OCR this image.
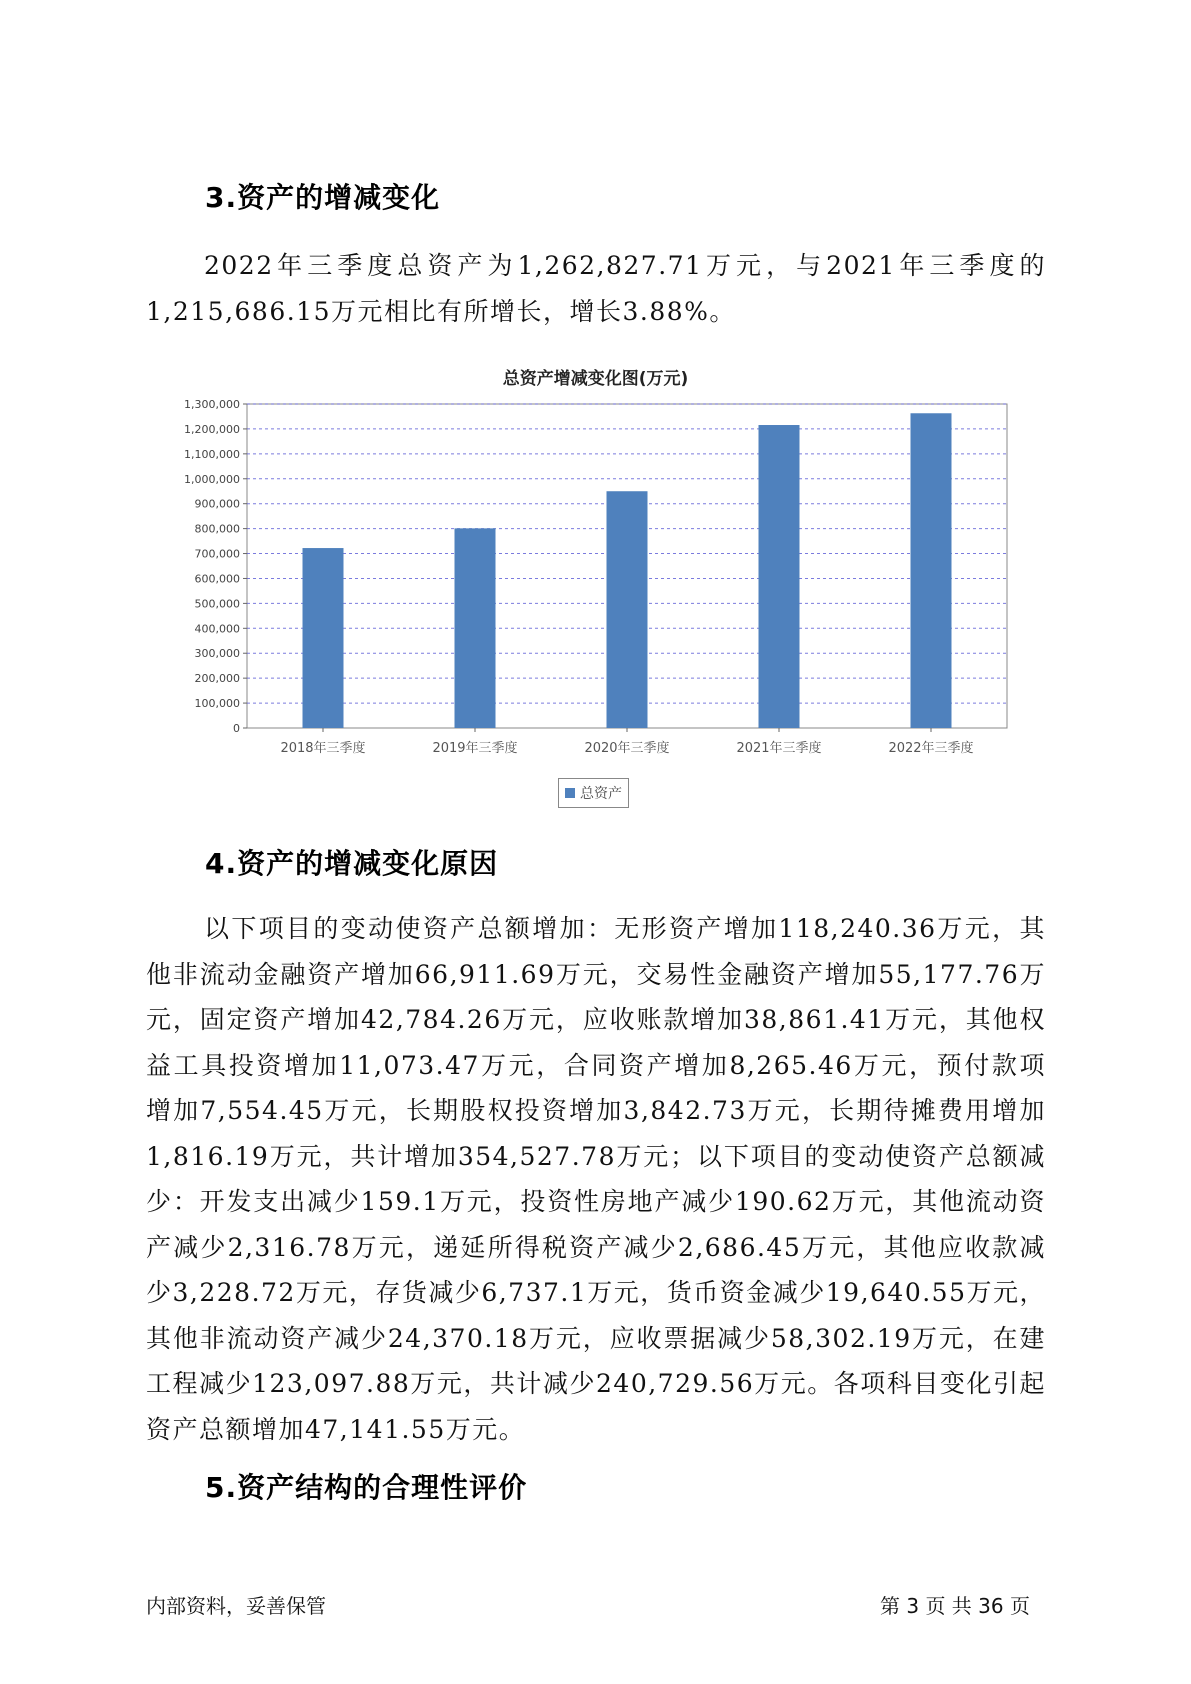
3.资产的增减变化

2022年三季度总资产为1,262,827.71万元，与2021年三季度的1,215,686.15万元相比有所增长，增长3.88%。

总资产增减变化图(万元)
0
100,000
200,000
300,000
400,000
500,000
600,000
700,000
800,000
900,000
1,000,000
1,100,000
1,200,000
1,300,000
2018年三季度	2019年三季度	2020年三季度	2021年三季度	2022年三季度
总资产
4.资产的增减变化原因

以下项目的变动使资产总额增加：无形资产增加118,240.36万元，其他非流动金融资产增加66,911.69万元，交易性金融资产增加55,177.76万元，固定资产增加42,784.26万元，应收账款增加38,861.41万元，其他权益工具投资增加11,073.47万元，合同资产增加8,265.46万元，预付款项增加7,554.45万元，长期股权投资增加3,842.73万元，长期待摊费用增加1,816.19万元，共计增加354,527.78万元；以下项目的变动使资产总额减少：开发支出减少159.1万元，投资性房地产减少190.62万元，其他流动资产减少2,316.78万元，递延所得税资产减少2,686.45万元，其他应收款减少3,228.72万元，存货减少6,737.1万元，货币资金减少19,640.55万元，其他非流动资产减少24,370.18万元，应收票据减少58,302.19万元，在建工程减少123,097.88万元，共计减少240,729.56万元。各项科目变化引起资产总额增加47,141.55万元。

5.资产结构的合理性评价
内部资料，妥善保管	第 3 页 共 36 页
